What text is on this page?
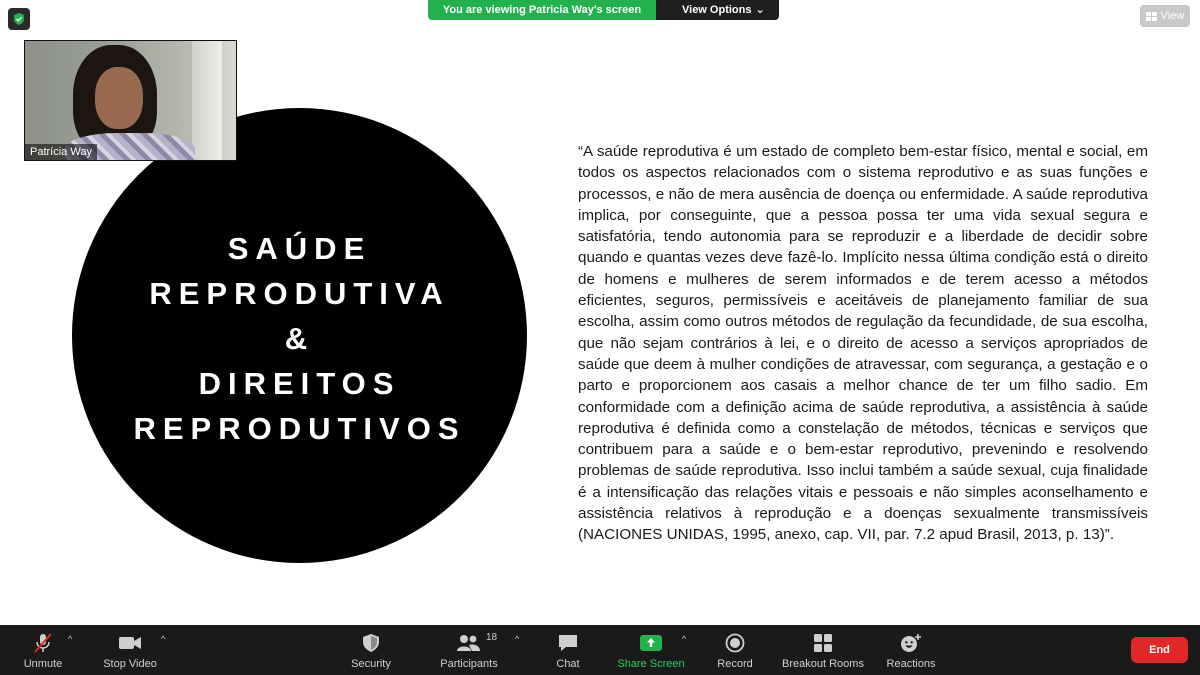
SAÚDE
REPRODUTIVA
&
DIREITOS
REPRODUTIVOS
“A saúde reprodutiva é um estado de completo bem-estar físico, mental e social, em todos os aspectos relacionados com o sistema reprodutivo e as suas funções e processos, e não de mera ausência de doença ou enfermidade. A saúde reprodutiva implica, por conseguinte, que a pessoa possa ter uma vida sexual segura e satisfatória, tendo autonomia para se reproduzir e a liberdade de decidir sobre quando e quantas vezes deve fazê-lo. Implícito nessa última condição está o direito de homens e mulheres de serem informados e de terem acesso a métodos eficientes, seguros, permissíveis e aceitáveis de planejamento familiar de sua escolha, assim como outros métodos de regulação da fecundidade, de sua escolha, que não sejam contrários à lei, e o direito de acesso a serviços apropriados de saúde que deem à mulher condições de atravessar, com segurança, a gestação e o parto e proporcionem aos casais a melhor chance de ter um filho sadio. Em conformidade com a definição acima de saúde reprodutiva, a assistência à saúde reprodutiva é definida como a constelação de métodos, técnicas e serviços que contribuem para a saúde e o bem-estar reprodutivo, prevenindo e resolvendo problemas de saúde reprodutiva. Isso inclui também a saúde sexual, cuja finalidade é a intensificação das relações vitais e pessoais e não simples aconselhamento e assistência relativos à reprodução e a doenças sexualmente transmissíveis (NACIONES UNIDAS, 1995, anexo, cap. VII, par. 7.2 apud Brasil, 2013, p. 13)”.
You are viewing Patricia Way's screen	View Options ⌄	View
Patrícia Way
Unmute
^
Stop Video
^
Security
18
Participants
^
Chat	Share Screen
^
Record	Breakout Rooms Reactions
End
